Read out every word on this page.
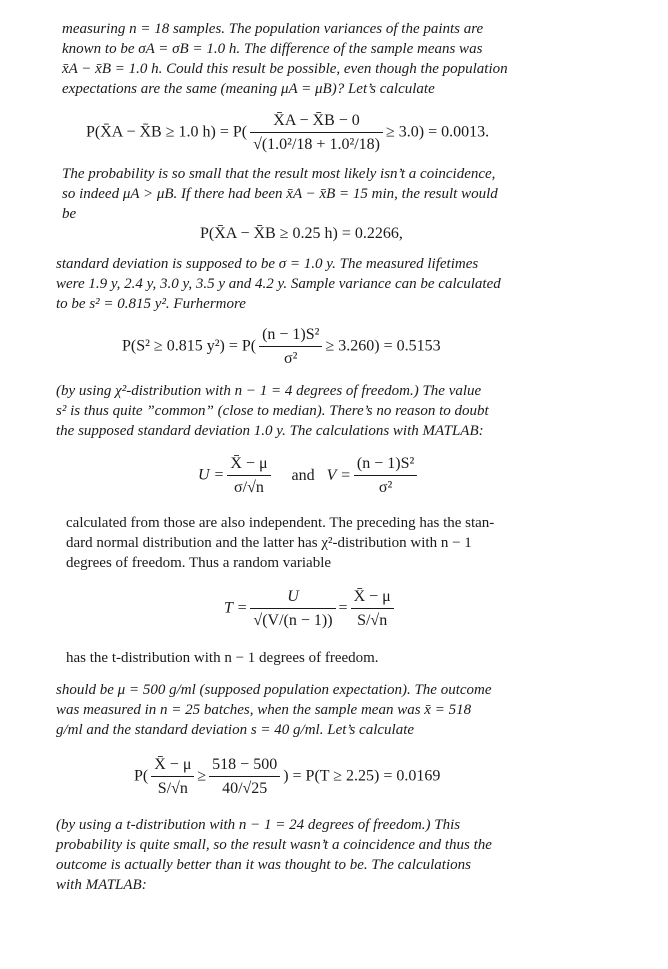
measuring n = 18 samples. The population variances of the paints are
known to be σA = σB = 1.0 h. The difference of the sample means was
x̄A − x̄B = 1.0 h. Could this result be possible, even though the population
expectations are the same (meaning μA = μB)? Let’s calculate
P(X̄A − X̄B ≥ 1.0 $h) = P( \frac{X̄A - X̄B - 0}{\text{√(1.0²/18 + 1.0²/18)}} \ge 3.0) = 0.0013$.
The probability is so small that the result most likely isn’t a coincidence,
so indeed μA > μB. If there had been x̄A − x̄B = 15 min, the result would
be
P(X̄A − X̄B ≥ 0.25 h) = 0.2266,
standard deviation is supposed to be σ = 1.0 y. The measured lifetimes
were 1.9 y, 2.4 y, 3.0 y, 3.5 y and 4.2 y. Sample variance can be calculated
to be s² = 0.815 y². Furhermore
P(S² ≥ 0.815 $y^2) = P( \frac{\text{(n − 1)S²}}{\text{σ²}} \ge 3.260) = 0.5153$
(by using χ²-distribution with n − 1 = 4 degrees of freedom.) The value
s² is thus quite ”common” (close to median). There’s no reason to doubt
the supposed standard deviation 1.0 y. The calculations with MATLAB:
$U = \frac{X̄ - \mu}{\sigma/√n}$ and $V = \frac{\text{(n − 1)S²}}{\text{σ²}}$
calculated from those are also independent. The preceding has the stan-
dard normal distribution and the latter has χ²-distribution with n − 1
degrees of freedom. Thus a random variable
$T = \frac{U}{√(V/(n - 1))} = \frac{X̄ - \mu}{S/√n}$
has the t-distribution with n − 1 degrees of freedom.
should be μ = 500 g/ml (supposed population expectation). The outcome
was measured in n = 25 batches, when the sample mean was x̄ = 518
g/ml and the standard deviation s = 40 g/ml. Let’s calculate
$P( \frac{X̄ - \mu}{S/√n} \ge \frac{518 - 500}{40/√25}$ ) = P(T ≥ 2.25) = 0.0169
(by using a t-distribution with n − 1 = 24 degrees of freedom.) This
probability is quite small, so the result wasn’t a coincidence and thus the
outcome is actually better than it was thought to be. The calculations
with MATLAB:
